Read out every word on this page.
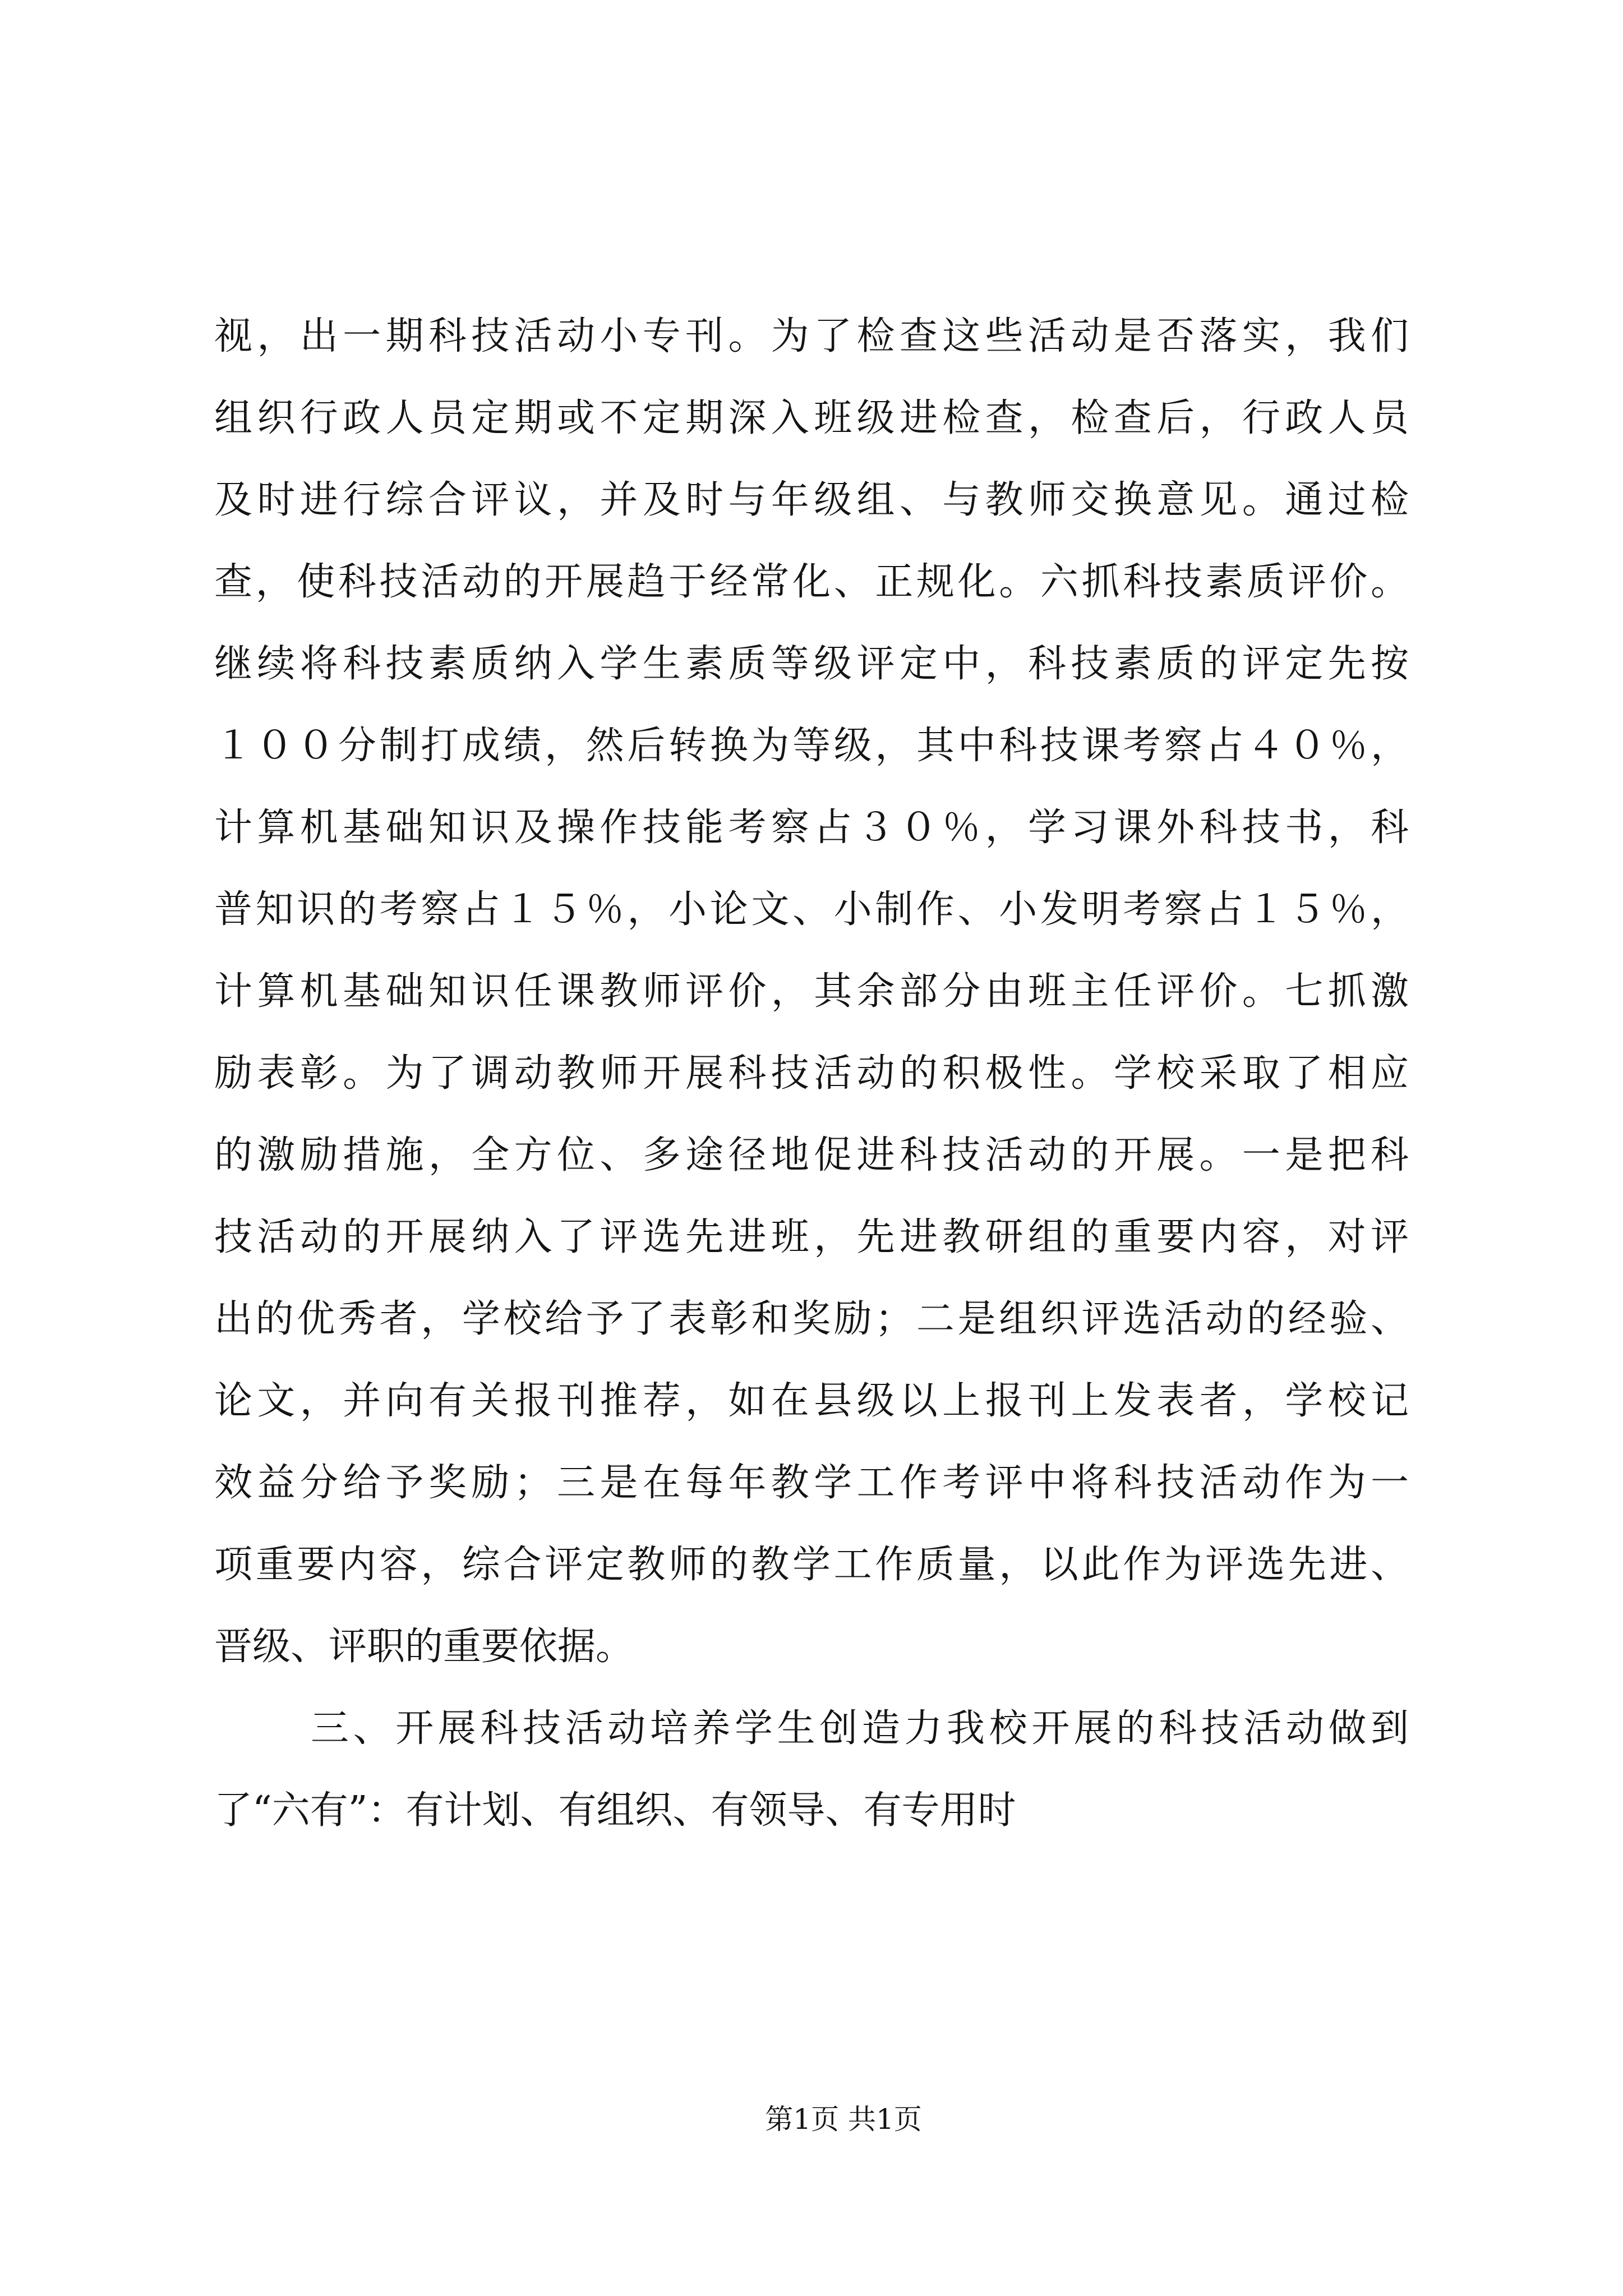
视，出一期科技活动小专刊。为了检查这些活动是否落实，我们
组织行政人员定期或不定期深入班级进检查，检查后，行政人员
及时进行综合评议，并及时与年级组、与教师交换意见。通过检
查，使科技活动的开展趋于经常化、正规化。六抓科技素质评价。
继续将科技素质纳入学生素质等级评定中，科技素质的评定先按
１００分制打成绩，然后转换为等级，其中科技课考察占４０％，
计算机基础知识及操作技能考察占３０％，学习课外科技书，科
普知识的考察占１５％，小论文、小制作、小发明考察占１５％，
计算机基础知识任课教师评价，其余部分由班主任评价。七抓激
励表彰。为了调动教师开展科技活动的积极性。学校采取了相应
的激励措施，全方位、多途径地促进科技活动的开展。一是把科
技活动的开展纳入了评选先进班，先进教研组的重要内容，对评
出的优秀者，学校给予了表彰和奖励；二是组织评选活动的经验、
论文，并向有关报刊推荐，如在县级以上报刊上发表者，学校记
效益分给予奖励；三是在每年教学工作考评中将科技活动作为一
项重要内容，综合评定教师的教学工作质量，以此作为评选先进、
晋级、评职的重要依据。
三、开展科技活动培养学生创造力我校开展的科技活动做到
了“六有”：有计划、有组织、有领导、有专用时
第1页 共1页
